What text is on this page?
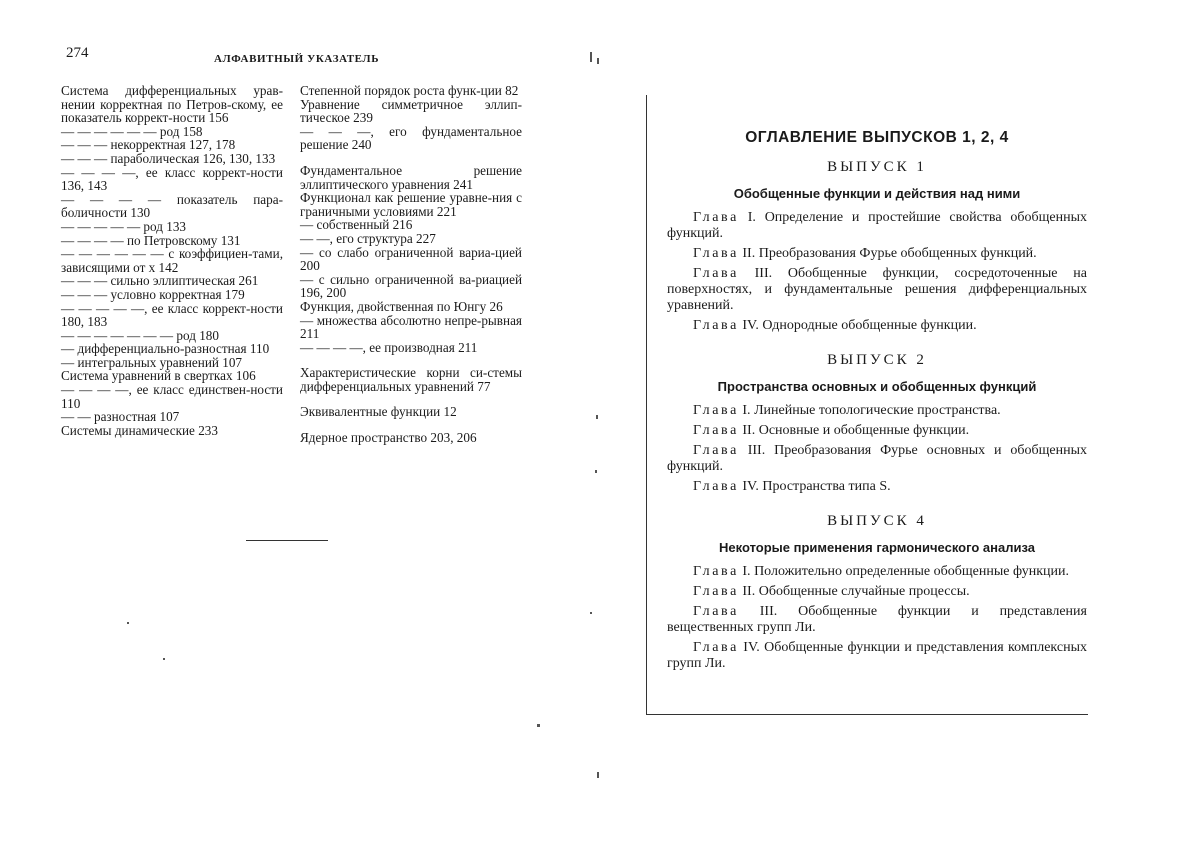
274	АЛФАВИТНЫЙ УКАЗАТЕЛЬ

Система дифференциальных урав-нении корректная по Петров-скому, ее показатель коррект-ности 156

— — — — — — род 158

— — — некорректная 127, 178

— — — параболическая 126, 130, 133

— — — —, ее класс коррект-ности 136, 143

— — — — показатель пара-боличности 130

— — — — — род 133

— — — — по Петровскому 131

— — — — — — с коэффициен-тами, зависящими от x 142

— — — сильно эллиптическая 261

— — — условно корректная 179

— — — — —, ее класс коррект-ности 180, 183

— — — — — — — род 180

— дифференциально-разностная 110

— интегральных уравнений 107

Система уравнений в свертках 106

— — — —, ее класс единствен-ности 110

— — разностная 107

Системы динамические 233

Степенной порядок роста функ-ции 82

Уравнение симметричное эллип-тическое 239

— — —, его фундаментальное решение 240

Фундаментальное решение эллиптического уравнения 241

Функционал как решение уравне-ния с граничными условиями 221

— собственный 216

— —, его структура 227

— со слабо ограниченной вариа-цией 200

— с сильно ограниченной ва-риацией 196, 200

Функция, двойственная по Юнгу 26

— множества абсолютно непре-рывная 211

— — — —, ее производная 211

Характеристические корни си-стемы дифференциальных уравнений 77

Эквивалентные функции 12

Ядерное пространство 203, 206

ОГЛАВЛЕНИЕ ВЫПУСКОВ 1, 2, 4
ВЫПУСК 1
Обобщенные функции и действия над ними
Глава I. Определение и простейшие свойства обобщенных функций.
Глава II. Преобразования Фурье обобщенных функций.
Глава III. Обобщенные функции, сосредоточенные на поверхностях, и фундаментальные решения дифференциальных уравнений.
Глава IV. Однородные обобщенные функции.
ВЫПУСК 2
Пространства основных и обобщенных функций
Глава I. Линейные топологические пространства.
Глава II. Основные и обобщенные функции.
Глава III. Преобразования Фурье основных и обобщенных функций.
Глава IV. Пространства типа S.
ВЫПУСК 4
Некоторые применения гармонического анализа
Глава I. Положительно определенные обобщенные функции.
Глава II. Обобщенные случайные процессы.
Глава III. Обобщенные функции и представления вещественных групп Ли.
Глава IV. Обобщенные функции и представления комплексных групп Ли.
